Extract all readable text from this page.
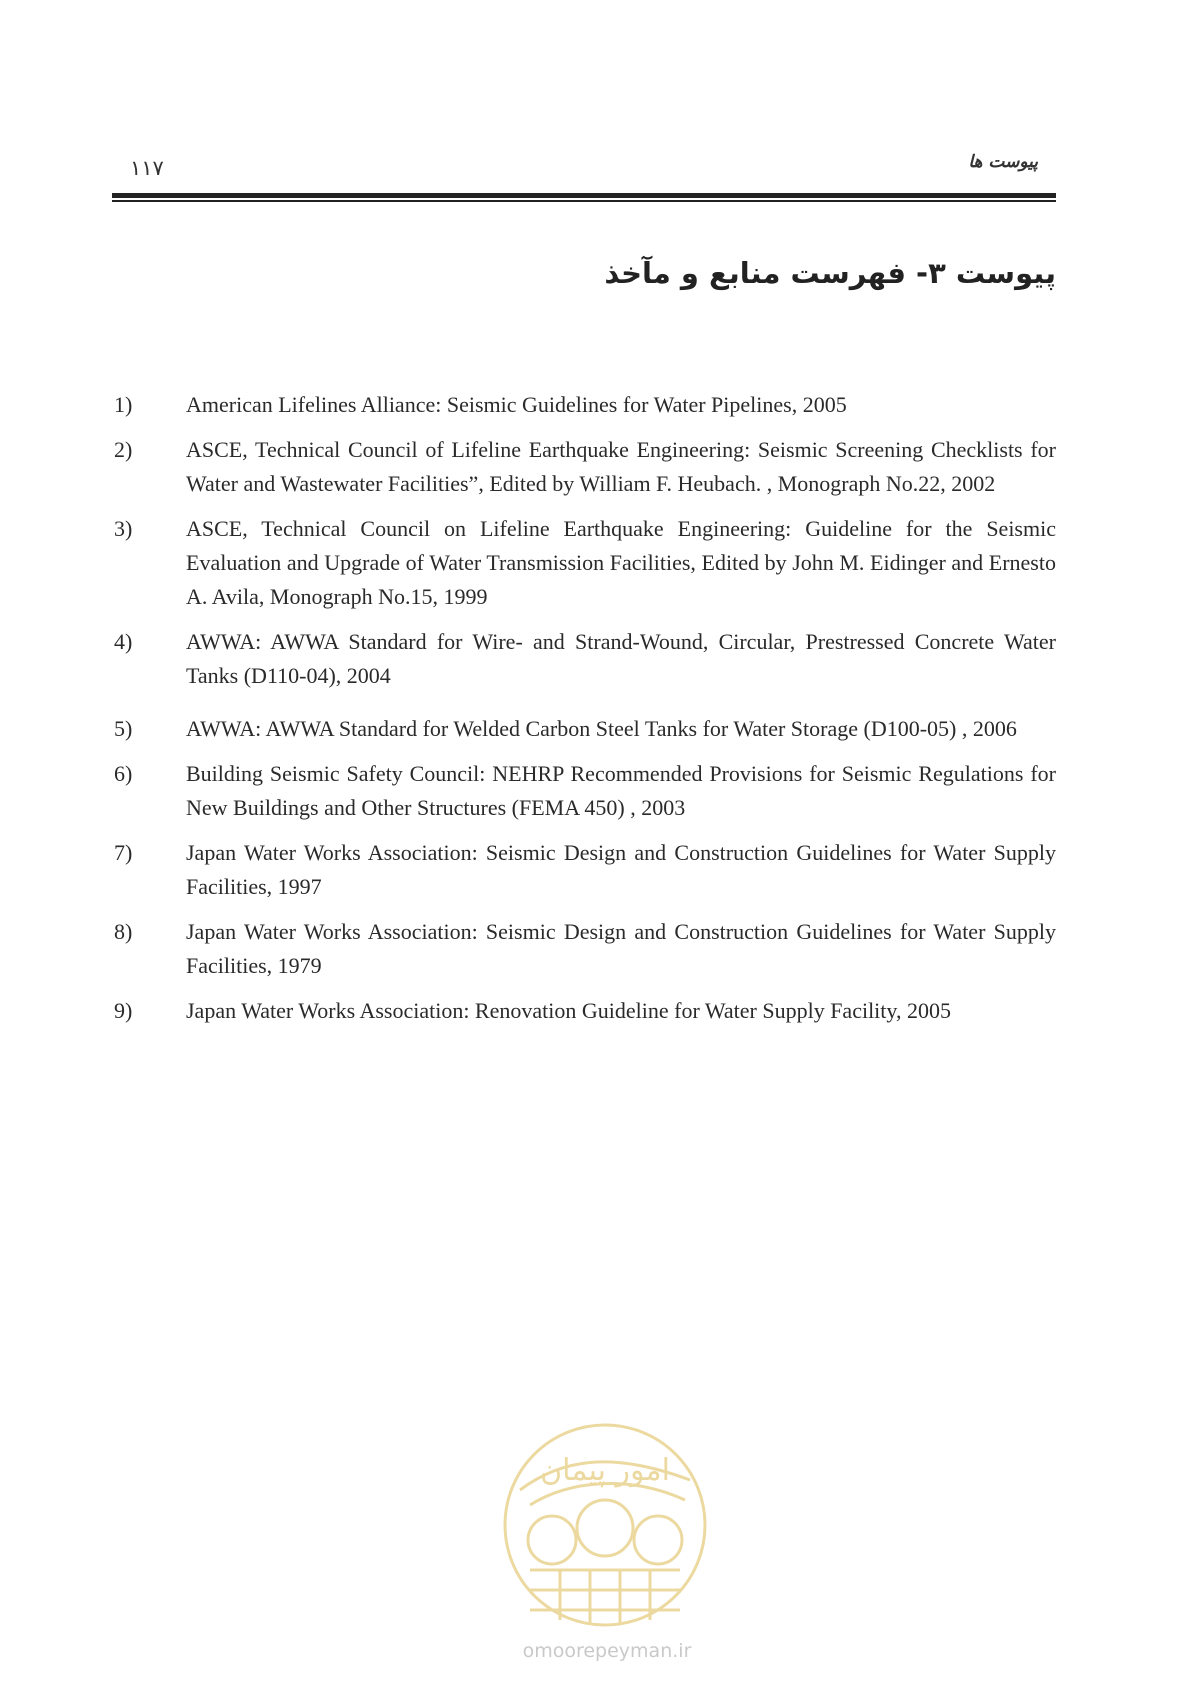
۱۱۷	پیوست ها
پیوست ۳- فهرست منابع و مآخذ
1)	American Lifelines Alliance: Seismic Guidelines for Water Pipelines, 2005
2)	ASCE, Technical Council of Lifeline Earthquake Engineering: Seismic Screening Checklists for Water and Wastewater Facilities”, Edited by William F. Heubach. , Monograph No.22, 2002
3)	ASCE, Technical Council on Lifeline Earthquake Engineering: Guideline for the Seismic Evaluation and Upgrade of Water Transmission Facilities, Edited by John M. Eidinger and Ernesto A. Avila, Monograph No.15, 1999
4)	AWWA: AWWA Standard for Wire- and Strand-Wound, Circular, Prestressed Concrete Water Tanks (D110-04), 2004
5)	AWWA: AWWA Standard for Welded Carbon Steel Tanks for Water Storage (D100-05) , 2006
6)	Building Seismic Safety Council: NEHRP Recommended Provisions for Seismic Regulations for New Buildings and Other Structures (FEMA 450) , 2003
7)	Japan Water Works Association: Seismic Design and Construction Guidelines for Water Supply Facilities, 1997
8)	Japan Water Works Association: Seismic Design and Construction Guidelines for Water Supply Facilities, 1979
9)	Japan Water Works Association: Renovation Guideline for Water Supply Facility, 2005
امور پیمان
omoorepeyman.ir
